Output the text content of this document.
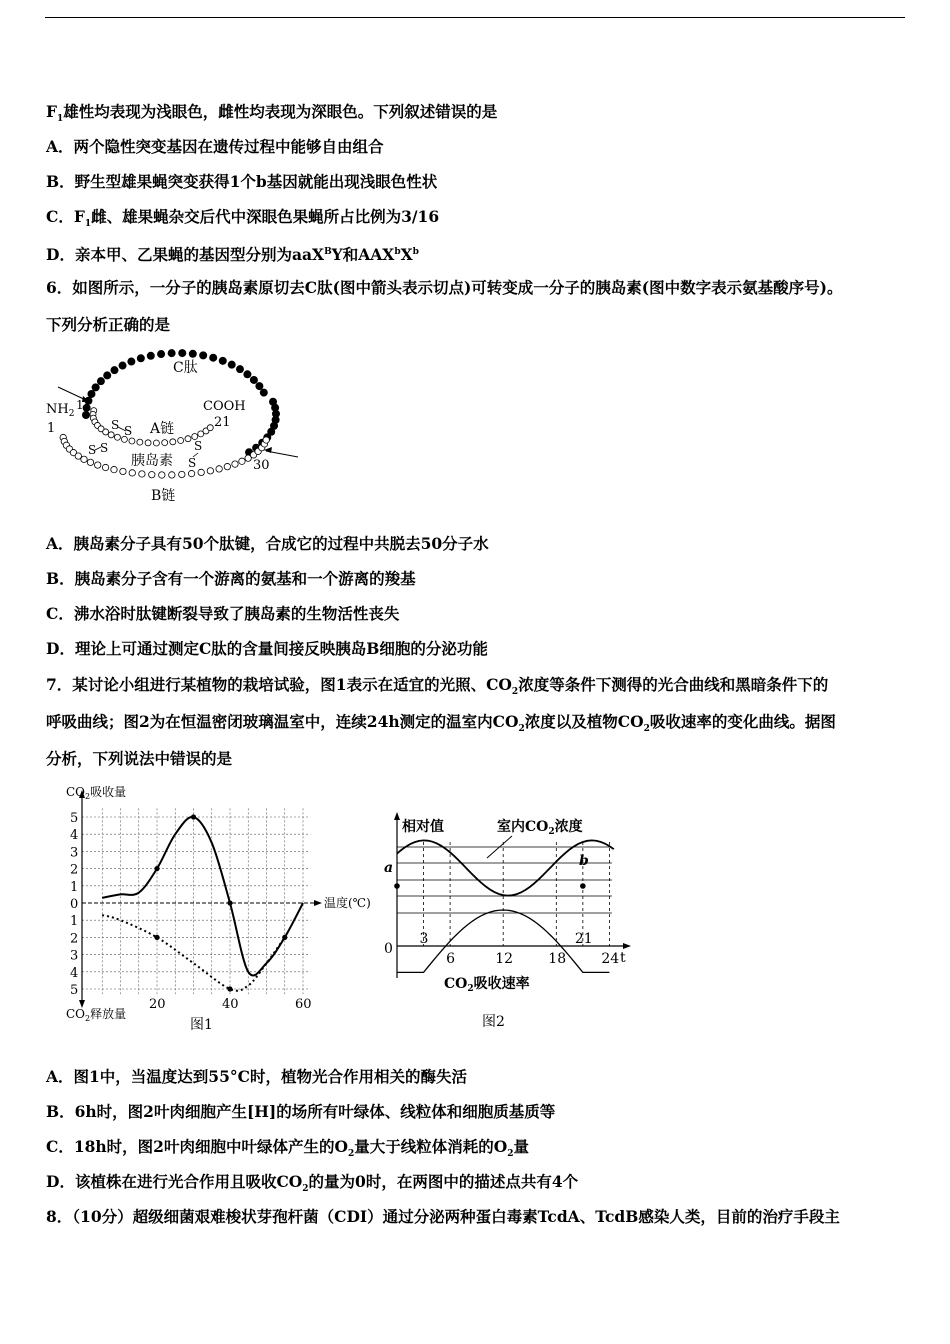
$F_1$雄性均表现为浅眼色，雌性均表现为深眼色。下列叙述错误的是
A．两个隐性突变基因在遗传过程中能够自由组合
B．野生型雄果蝇突变获得1个b基因就能出现浅眼色性状
C．$F_1$雌、雄果蝇杂交后代中深眼色果蝇所占比例为3/16
D．亲本甲、乙果蝇的基因型分别为aaX$^B$Y和$AAX^bX^b$
6．如图所示，一分子的胰岛素原切去C肽(图中箭头表示切点)可转变成一分子的胰岛素(图中数字表示氨基酸序号)。
下列分析正确的是
C肽
$NH_2$
1
1
COOH
21
30
A链
胰岛素
B链
S S
S S	S
S
A．胰岛素分子具有50个肽键，合成它的过程中共脱去50分子水
B．胰岛素分子含有一个游离的氨基和一个游离的羧基
C．沸水浴时肽键断裂导致了胰岛素的生物活性丧失
D．理论上可通过测定C肽的含量间接反映胰岛B细胞的分泌功能
7．某讨论小组进行某植物的栽培试验，图1表示在适宜的光照、$CO_2$浓度等条件下测得的光合曲线和黑暗条件下的
呼吸曲线；图2为在恒温密闭玻璃温室中，连续24h测定的温室内$CO_2$浓度以及植物$CO_2$吸收速率的变化曲线。据图
分析，下列说法中错误的是
5
4
3
2
1
0
1
2
3
4
5
20	40	60
$CO_2$吸收量
$CO_2$释放量
温度(℃)
图1
相对值	室内$CO_2$浓度
a	b
0
t
$CO_2$吸收速率
图2
3
6	12	18
21
24
A．图1中，当温度达到55°C时，植物光合作用相关的酶失活
B．6h时，图2叶肉细胞产生[H]的场所有叶绿体、线粒体和细胞质基质等
C．18h时，图2叶肉细胞中叶绿体产生的$O_2$量大于线粒体消耗的$O_2$量
D．该植株在进行光合作用且吸收$CO_2$的量为0时，在两图中的描述点共有4个
8．（10分）超级细菌艰难梭状芽孢杆菌（CDI）通过分泌两种蛋白毒素TcdA、TcdB感染人类，目前的治疗手段主
